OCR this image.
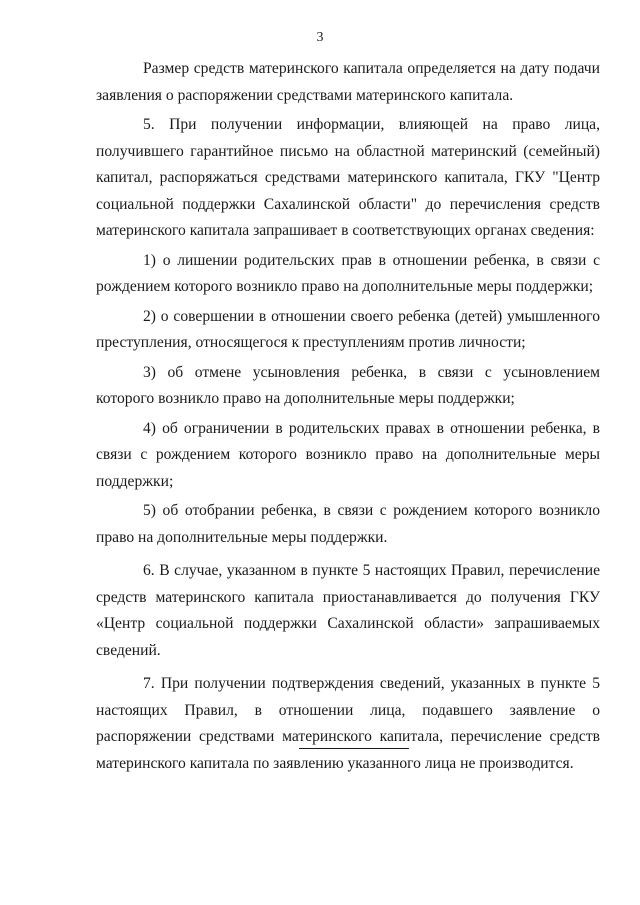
3

Размер средств материнского капитала определяется на дату подачи заявления о распоряжении средствами материнского капитала.

5. При получении информации, влияющей на право лица, получившего гарантийное письмо на областной материнский (семейный) капитал, распоряжаться средствами материнского капитала, ГКУ "Центр социальной поддержки Сахалинской области" до перечисления средств материнского капитала запрашивает в соответствующих органах сведения:

1) о лишении родительских прав в отношении ребенка, в связи с рождением которого возникло право на дополнительные меры поддержки;

2) о совершении в отношении своего ребенка (детей) умышленного преступления, относящегося к преступлениям против личности;

3) об отмене усыновления ребенка, в связи с усыновлением которого возникло право на дополнительные меры поддержки;

4) об ограничении в родительских правах в отношении ребенка, в связи с рождением которого возникло право на дополнительные меры поддержки;

5) об отобрании ребенка, в связи с рождением которого возникло право на дополнительные меры поддержки.

6. В случае, указанном в пункте 5 настоящих Правил, перечисление средств материнского капитала приостанавливается до получения ГКУ «Центр социальной поддержки Сахалинской области» запрашиваемых сведений.

7. При получении подтверждения сведений, указанных в пункте 5 настоящих Правил, в отношении лица, подавшего заявление о распоряжении средствами материнского капитала, перечисление средств материнского капитала по заявлению указанного лица не производится.
